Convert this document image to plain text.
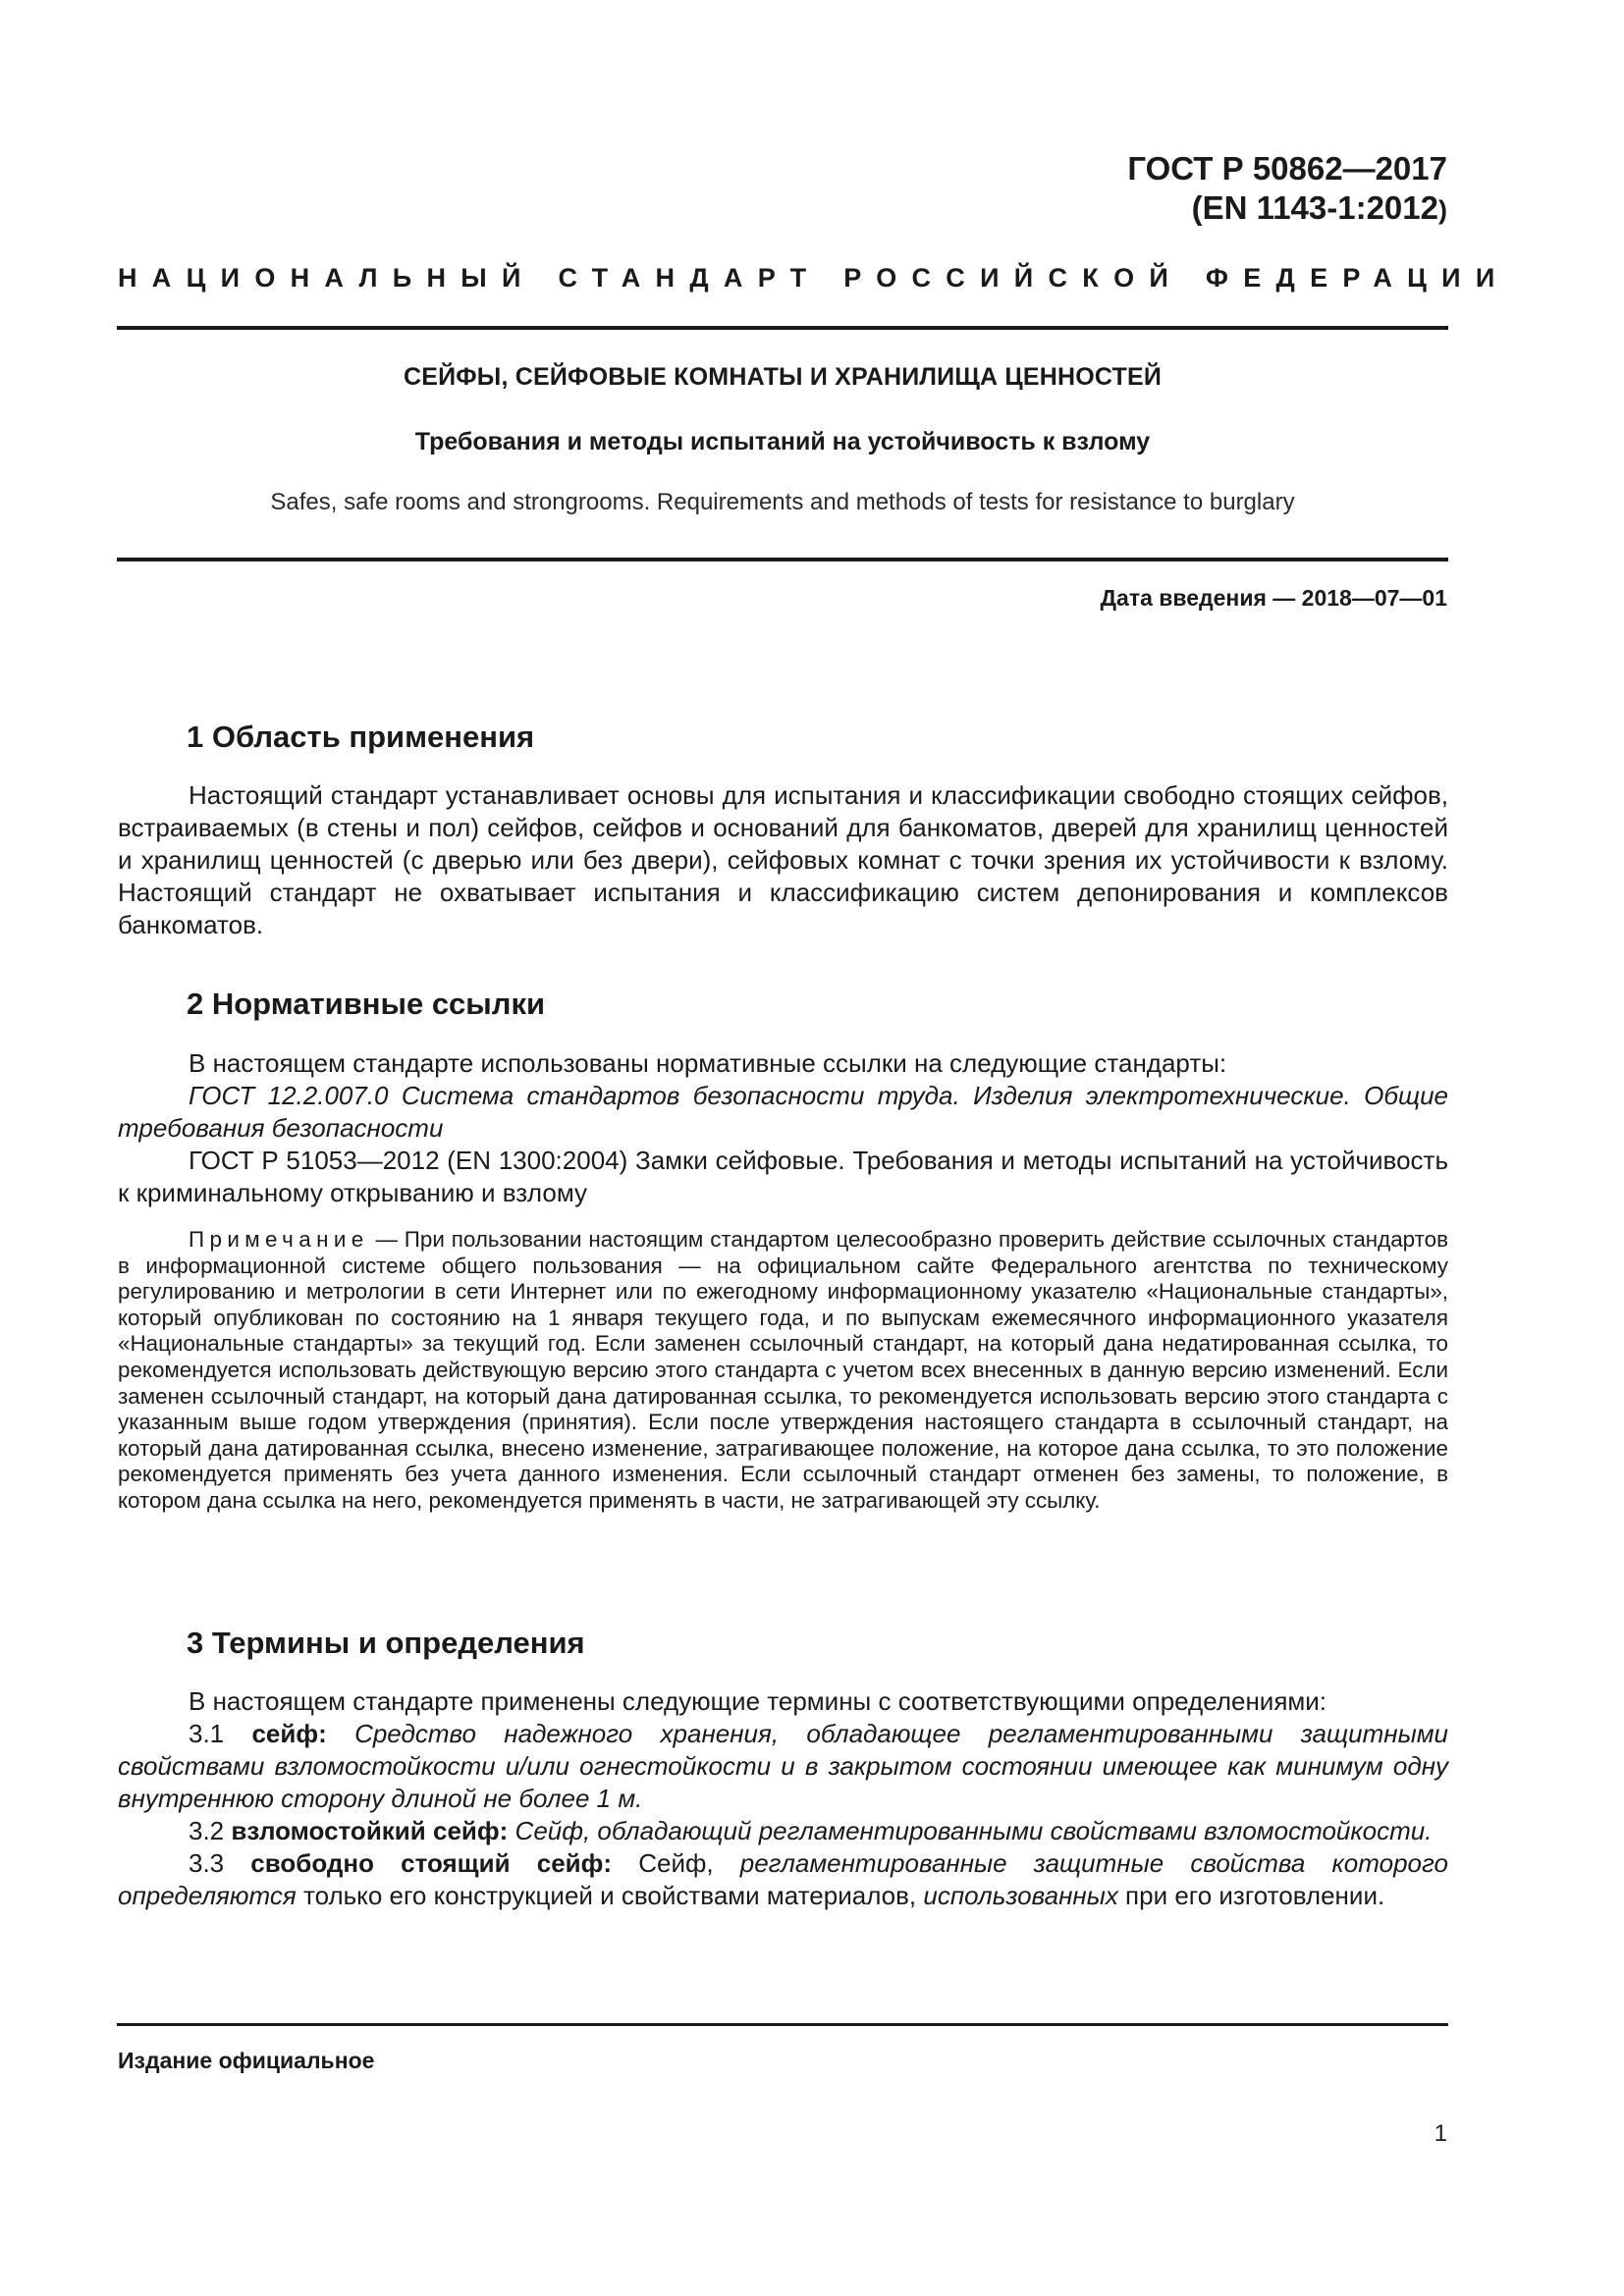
ГОСТ Р 50862—2017
(EN 1143-1:2012)
НАЦИОНАЛЬНЫЙ СТАНДАРТ РОССИЙСКОЙ ФЕДЕРАЦИИ
СЕЙФЫ, СЕЙФОВЫЕ КОМНАТЫ И ХРАНИЛИЩА ЦЕННОСТЕЙ
Требования и методы испытаний на устойчивость к взлому
Safes, safe rooms and strongrooms. Requirements and methods of tests for resistance to burglary
Дата введения — 2018—07—01
1 Область применения

Настоящий стандарт устанавливает основы для испытания и классификации свободно стоящих сейфов, встраиваемых (в стены и пол) сейфов, сейфов и оснований для банкоматов, дверей для хранилищ ценностей и хранилищ ценностей (с дверью или без двери), сейфовых комнат с точки зрения их устойчивости к взлому. Настоящий стандарт не охватывает испытания и классификацию систем депонирования и комплексов банкоматов.

2 Нормативные ссылки

В настоящем стандарте использованы нормативные ссылки на следующие стандарты:

ГОСТ 12.2.007.0 Система стандартов безопасности труда. Изделия электротехнические. Общие требования безопасности

ГОСТ Р 51053—2012 (EN 1300:2004) Замки сейфовые. Требования и методы испытаний на устойчивость к криминальному открыванию и взлому

Примечание — При пользовании настоящим стандартом целесообразно проверить действие ссылочных стандартов в информационной системе общего пользования — на официальном сайте Федерального агентства по техническому регулированию и метрологии в сети Интернет или по ежегодному информационному указателю «Национальные стандарты», который опубликован по состоянию на 1 января текущего года, и по выпускам ежемесячного информационного указателя «Национальные стандарты» за текущий год. Если заменен ссылочный стандарт, на который дана недатированная ссылка, то рекомендуется использовать действующую версию этого стандарта с учетом всех внесенных в данную версию изменений. Если заменен ссылочный стандарт, на который дана датированная ссылка, то рекомендуется использовать версию этого стандарта с указанным выше годом утверждения (принятия). Если после утверждения настоящего стандарта в ссылочный стандарт, на который дана датированная ссылка, внесено изменение, затрагивающее положение, на которое дана ссылка, то это положение рекомендуется применять без учета данного изменения. Если ссылочный стандарт отменен без замены, то положение, в котором дана ссылка на него, рекомендуется применять в части, не затрагивающей эту ссылку.

3 Термины и определения

В настоящем стандарте применены следующие термины с соответствующими определениями:

3.1 сейф: Средство надежного хранения, обладающее регламентированными защитными свойствами взломостойкости и/или огнестойкости и в закрытом состоянии имеющее как минимум одну внутреннюю сторону длиной не более 1 м.

3.2 взломостойкий сейф: Сейф, обладающий регламентированными свойствами взломостойкости.

3.3 свободно стоящий сейф: Сейф, регламентированные защитные свойства которого определяются только его конструкцией и свойствами материалов, использованных при его изготовлении.

Издание официальное
1
